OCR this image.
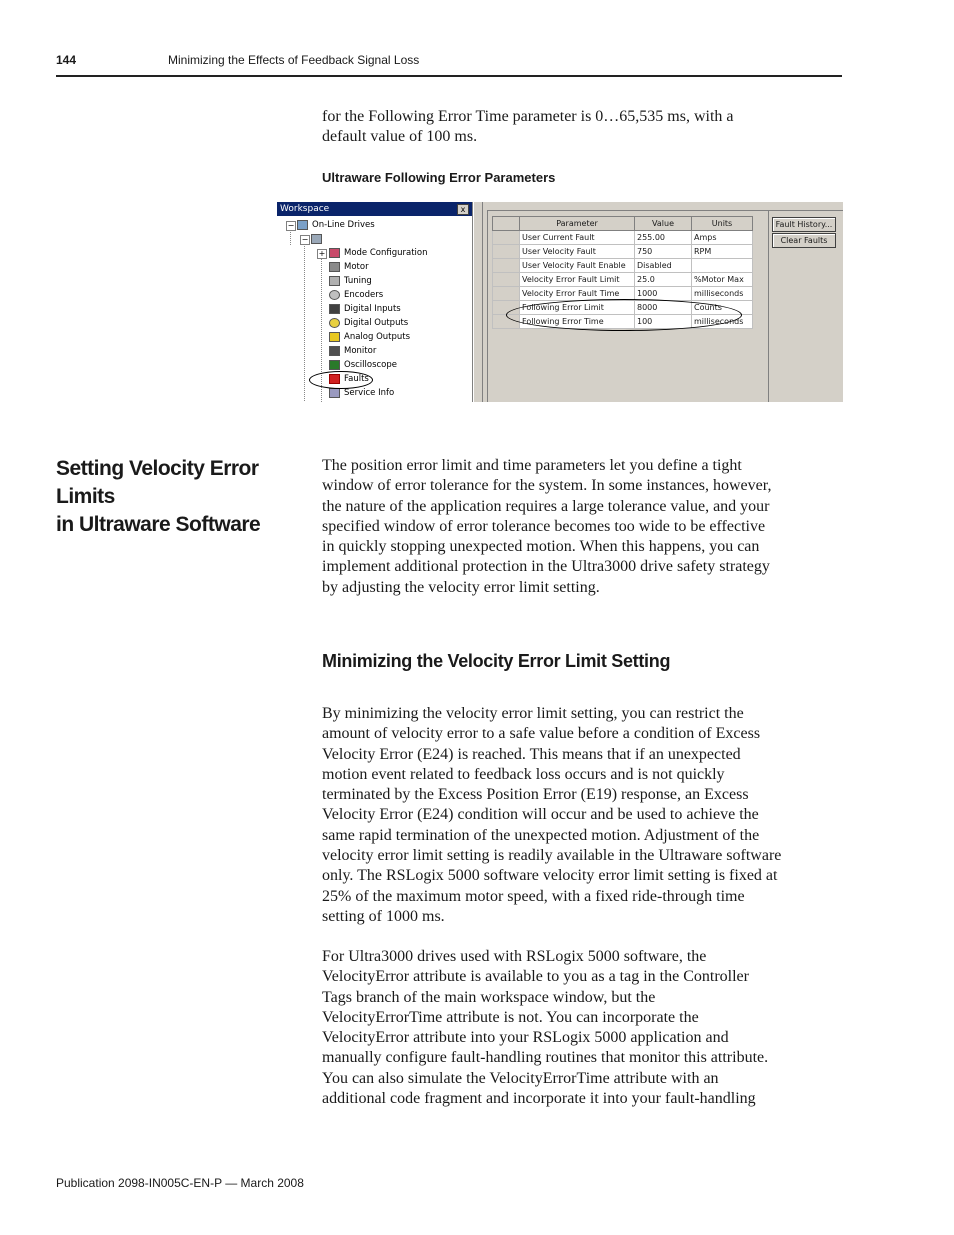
144	Minimizing the Effects of Feedback Signal Loss

for the Following Error Time parameter is 0…65,535 ms, with a
default value of 100 ms.

Ultraware Following Error Parameters
Workspace	x
−	On-Line Drives
−
+	Mode Configuration
Motor
Tuning
Encoders
Digital Inputs
Digital Outputs
Analog Outputs
Monitor
Oscilloscope
Faults
Service Info
	Parameter	Value	Units
	User Current Fault	255.00	Amps
	User Velocity Fault	750	RPM
	User Velocity Fault Enable	Disabled	
	Velocity Error Fault Limit	25.0	%Motor Max
	Velocity Error Fault Time	1000	milliseconds
	Following Error Limit	8000	Counts
	Following Error Time	100	milliseconds
Fault History...
Clear Faults
Setting Velocity Error Limits
in Ultraware Software

The position error limit and time parameters let you define a tight
window of error tolerance for the system. In some instances, however,
the nature of the application requires a large tolerance value, and your
specified window of error tolerance becomes too wide to be effective
in quickly stopping unexpected motion. When this happens, you can
implement additional protection in the Ultra3000 drive safety strategy
by adjusting the velocity error limit setting.

Minimizing the Velocity Error Limit Setting

By minimizing the velocity error limit setting, you can restrict the
amount of velocity error to a safe value before a condition of Excess
Velocity Error (E24) is reached. This means that if an unexpected
motion event related to feedback loss occurs and is not quickly
terminated by the Excess Position Error (E19) response, an Excess
Velocity Error (E24) condition will occur and be used to achieve the
same rapid termination of the unexpected motion. Adjustment of the
velocity error limit setting is readily available in the Ultraware software
only. The RSLogix 5000 software velocity error limit setting is fixed at
25% of the maximum motor speed, with a fixed ride-through time
setting of 1000 ms.

For Ultra3000 drives used with RSLogix 5000 software, the
VelocityError attribute is available to you as a tag in the Controller
Tags branch of the main workspace window, but the
VelocityErrorTime attribute is not. You can incorporate the
VelocityError attribute into your RSLogix 5000 application and
manually configure fault-handling routines that monitor this attribute.
You can also simulate the VelocityErrorTime attribute with an
additional code fragment and incorporate it into your fault-handling

Publication 2098-IN005C-EN-P — March 2008
